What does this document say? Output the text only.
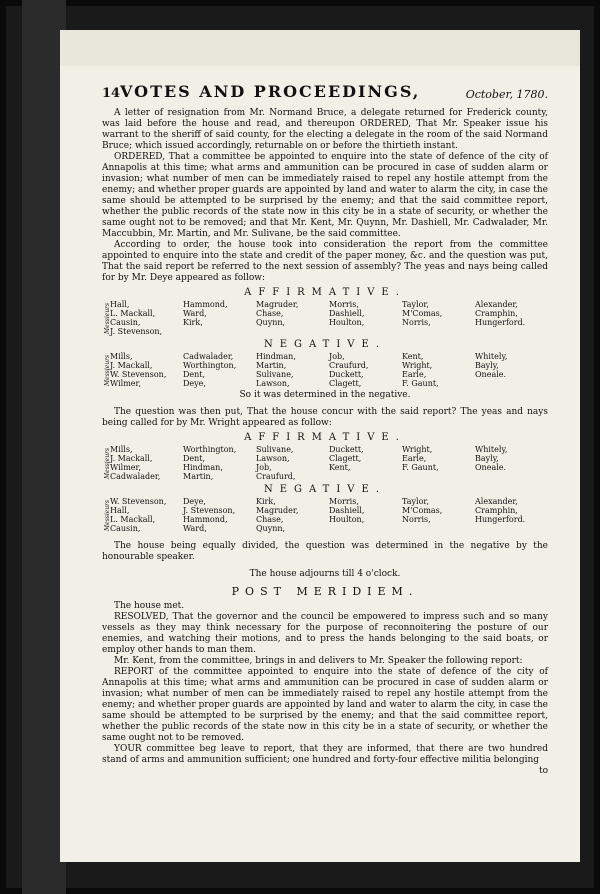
14 VOTES AND PROCEEDINGS,	October, 1780.

A letter of resignation from Mr. Normand Bruce, a delegate returned for Frederick county, was laid before the house and read, and thereupon ORDERED, That Mr. Speaker issue his warrant to the sheriff of said county, for the electing a delegate in the room of the said Normand Bruce; which issued accordingly, returnable on or before the thirtieth instant.

ORDERED, That a committee be appointed to enquire into the state of defence of the city of Annapolis at this time; what arms and ammunition can be procured in case of sudden alarm or invasion; what number of men can be immediately raised to repel any hostile attempt from the enemy; and whether proper guards are appointed by land and water to alarm the city, in case the same should be attempted to be surprised by the enemy; and that the said committee report, whether the public records of the state now in this city be in a state of security, or whether the same ought not to be removed; and that Mr. Kent, Mr. Quynn, Mr. Dashiell, Mr. Cadwalader, Mr. Maccubbin, Mr. Martin, and Mr. Sulivane, be the said committee.

According to order, the house took into consideration the report from the committee appointed to enquire into the state and credit of the paper money, &c. and the question was put, That the said report be referred to the next session of assembly? The yeas and nays being called for by Mr. Deye appeared as follow:

AFFIRMATIVE.
Messieurs Hall,	Hammond,	Magruder,	Morris,	Taylor,	Alexander,
L. Mackall,	Ward,	Chase,	Dashiell,	M'Comas,	Cramphin,
Causin,	Kirk,	Quynn,	Houlton,	Norris,	Hungerford.
J. Stevenson,
NEGATIVE.
Messieurs Mills,	Cadwalader,	Hindman,	Job,	Kent,	Whitely,
J. Mackall,	Worthington,	Martin,	Craufurd,	Wright,	Bayly,
W. Stevenson,	Dent,	Sulivane,	Duckett,	Earle,	Oneale.
Wilmer,	Deye,	Lawson,	Clagett,	F. Gaunt,

So it was determined in the negative.

The question was then put, That the house concur with the said report? The yeas and nays being called for by Mr. Wright appeared as follow:

AFFIRMATIVE.
Messieurs Mills,	Worthington,	Sulivane,	Duckett,	Wright,	Whitely,
J. Mackall,	Dent,	Lawson,	Clagett,	Earle,	Bayly,
Wilmer,	Hindman,	Job,	Kent,	F. Gaunt,	Oneale.
Cadwalader,	Martin,	Craufurd,
NEGATIVE.
Messieurs W. Stevenson,	Deye,	Kirk,	Morris,	Taylor,	Alexander,
Hall,	J. Stevenson,	Magruder,	Dashiell,	M'Comas,	Cramphin,
L. Mackall,	Hammond,	Chase,	Houlton,	Norris,	Hungerford.
Causin,	Ward,	Quynn,

The house being equally divided, the question was determined in the negative by the honourable speaker.

The house adjourns till 4 o'clock.

POST MERIDIEM.

The house met.

RESOLVED, That the governor and the council be empowered to impress such and so many vessels as they may think necessary for the purpose of reconnoitering the posture of our enemies, and watching their motions, and to press the hands belonging to the said boats, or employ other hands to man them.

Mr. Kent, from the committee, brings in and delivers to Mr. Speaker the following report:

REPORT of the committee appointed to enquire into the state of defence of the city of Annapolis at this time; what arms and ammunition can be procured in case of sudden alarm or invasion; what number of men can be immediately raised to repel any hostile attempt from the enemy; and whether proper guards are appointed by land and water to alarm the city, in case the same should be attempted to be surprised by the enemy; and that the said committee report, whether the public records of the state now in this city be in a state of security, or whether the same ought not to be removed.

YOUR committee beg leave to report, that they are informed, that there are two hundred stand of arms and ammunition sufficient; one hundred and forty-four effective militia belonging

to
